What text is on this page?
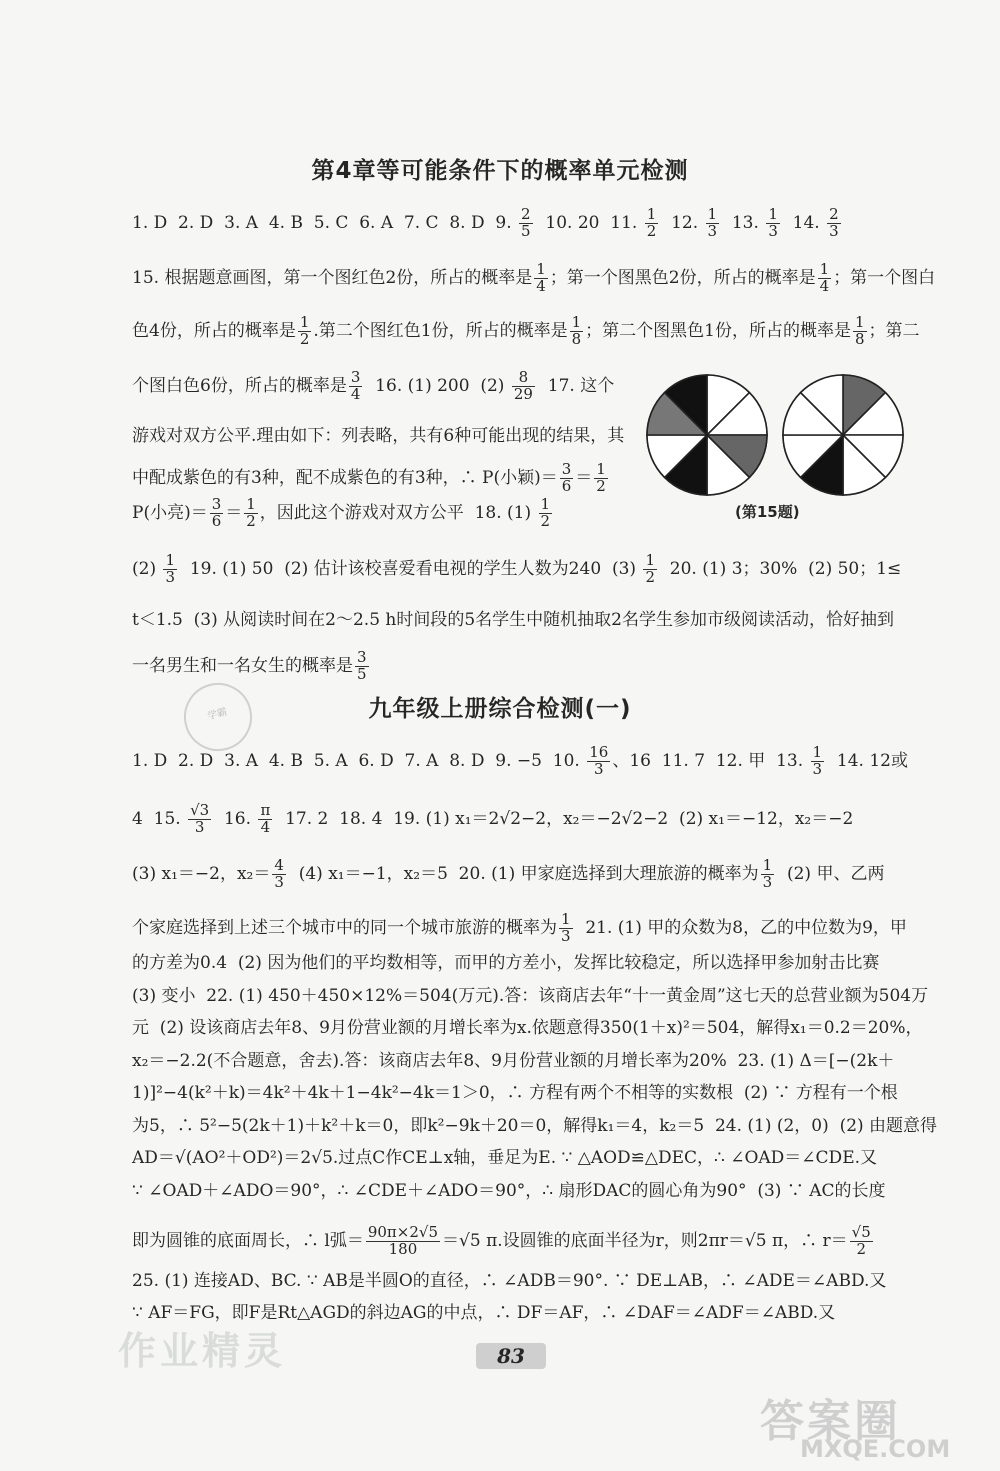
第4章等可能条件下的概率单元检测
1. D  2. D  3. A  4. B  5. C  6. A  7. C  8. D  9. $\frac{2}{5} 10$. 20  11. $\frac{1}{2} 12$. $\frac{1}{3} 13$. $\frac{1}{3} 14$. $\frac{2}{3}$
15. 根据题意画图，第一个图红色2份，所占的概率是 $\frac{1}{4}$ ；第一个图黑色2份，所占的概率是 $\frac{1}{4}$ ；第一个图白
色4份，所占的概率是 $\frac{1}{2}$ .第二个图红色1份，所占的概率是 $\frac{1}{8}$ ；第二个图黑色1份，所占的概率是 $\frac{1}{8}$ ；第二
个图白色6份，所占的概率是 $\frac{3}{4} 16$. (1) 200  $(2) \frac{8}{29} 17$. 这个
游戏对双方公平.理由如下：列表略，共有6种可能出现的结果，其
中配成紫色的有3种，配不成紫色的有3种，∴ P(小颖)＝ $\frac{3}{6} = \frac{1}{2}$
P(小亮)＝ $\frac{3}{6} = \frac{1}{2}$ ，因此这个游戏对双方公平  18. $(1) \frac{1}{2}$	(第15题)
$(2) \frac{1}{3} 19$. (1) 50  (2) 估计该校喜爱看电视的学生人数为240  $(3) \frac{1}{2} 20$. (1) 3；30%  (2) 50；1≤
t＜1.5  (3) 从阅读时间在2～2.5 h时间段的5名学生中随机抽取2名学生参加市级阅读活动，恰好抽到
一名男生和一名女生的概率是 $\frac{3}{5}$
学霸	九年级上册综合检测(一)
1. D  2. D  3. A  4. B  5. A  6. D  7. A  8. D  9. −5  10. $\frac{16}{3}$ 、16  11. 7  12. 甲  13. $\frac{1}{3} 14$. 12或
4  15. $\frac{√3}{3} 16$. $\frac{\pi}{4} 17$. 2  18. 4  19. (1) x₁＝2√2−2，x₂＝−2√2−2  (2) x₁＝−12，x₂＝−2
(3) x₁＝−2，$x_2= \frac{4}{3} (4)$ x₁＝−1，x₂＝5  20. (1) 甲家庭选择到大理旅游的概率为 $\frac{1}{3} (2)$ 甲、乙两
个家庭选择到上述三个城市中的同一个城市旅游的概率为 $\frac{1}{3} 21$. (1) 甲的众数为8，乙的中位数为9，甲
的方差为0.4  (2) 因为他们的平均数相等，而甲的方差小，发挥比较稳定，所以选择甲参加射击比赛
(3) 变小  22. (1) 450＋450×12%＝504(万元).答：该商店去年“十一黄金周”这七天的总营业额为504万
元  (2) 设该商店去年8、9月份营业额的月增长率为x.依题意得350(1＋x)²＝504，解得x₁＝0.2＝20%，
x₂＝−2.2(不合题意，舍去).答：该商店去年8、9月份营业额的月增长率为20%  23. (1) Δ＝[−(2k＋
1)]²−4(k²＋k)＝4k²＋4k＋1−4k²−4k＝1＞0，∴ 方程有两个不相等的实数根  (2) ∵ 方程有一个根
为5，∴ 5²−5(2k＋1)＋k²＋k＝0，即k²−9k＋20＝0，解得k₁＝4，k₂＝5  24. (1) (2，0)  (2) 由题意得
AD＝√(AO²＋OD²)＝2√5.过点C作CE⊥x轴，垂足为E. ∵ △AOD≌△DEC，∴ ∠OAD＝∠CDE.又
∵ ∠OAD＋∠ADO＝90°，∴ ∠CDE＋∠ADO＝90°，∴ 扇形DAC的圆心角为90°  (3) ∵ AC的长度
即为圆锥的底面周长，∴ l弧＝ $\frac{90\pi\times 2√5}{180} =√5$ π.设圆锥的底面半径为r，则2πr＝√5 π，∴ $r= \frac{√5}{2}$
25. (1) 连接AD、BC. ∵ AB是半圆O的直径，∴ ∠ADB＝90°. ∵ DE⊥AB，∴ ∠ADE＝∠ABD.又
∵ AF＝FG，即F是Rt△AGD的斜边AG的中点，∴ DF＝AF，∴ ∠DAF＝∠ADF＝∠ABD.又
83
作业精灵
答案圈
MXQE.COM
